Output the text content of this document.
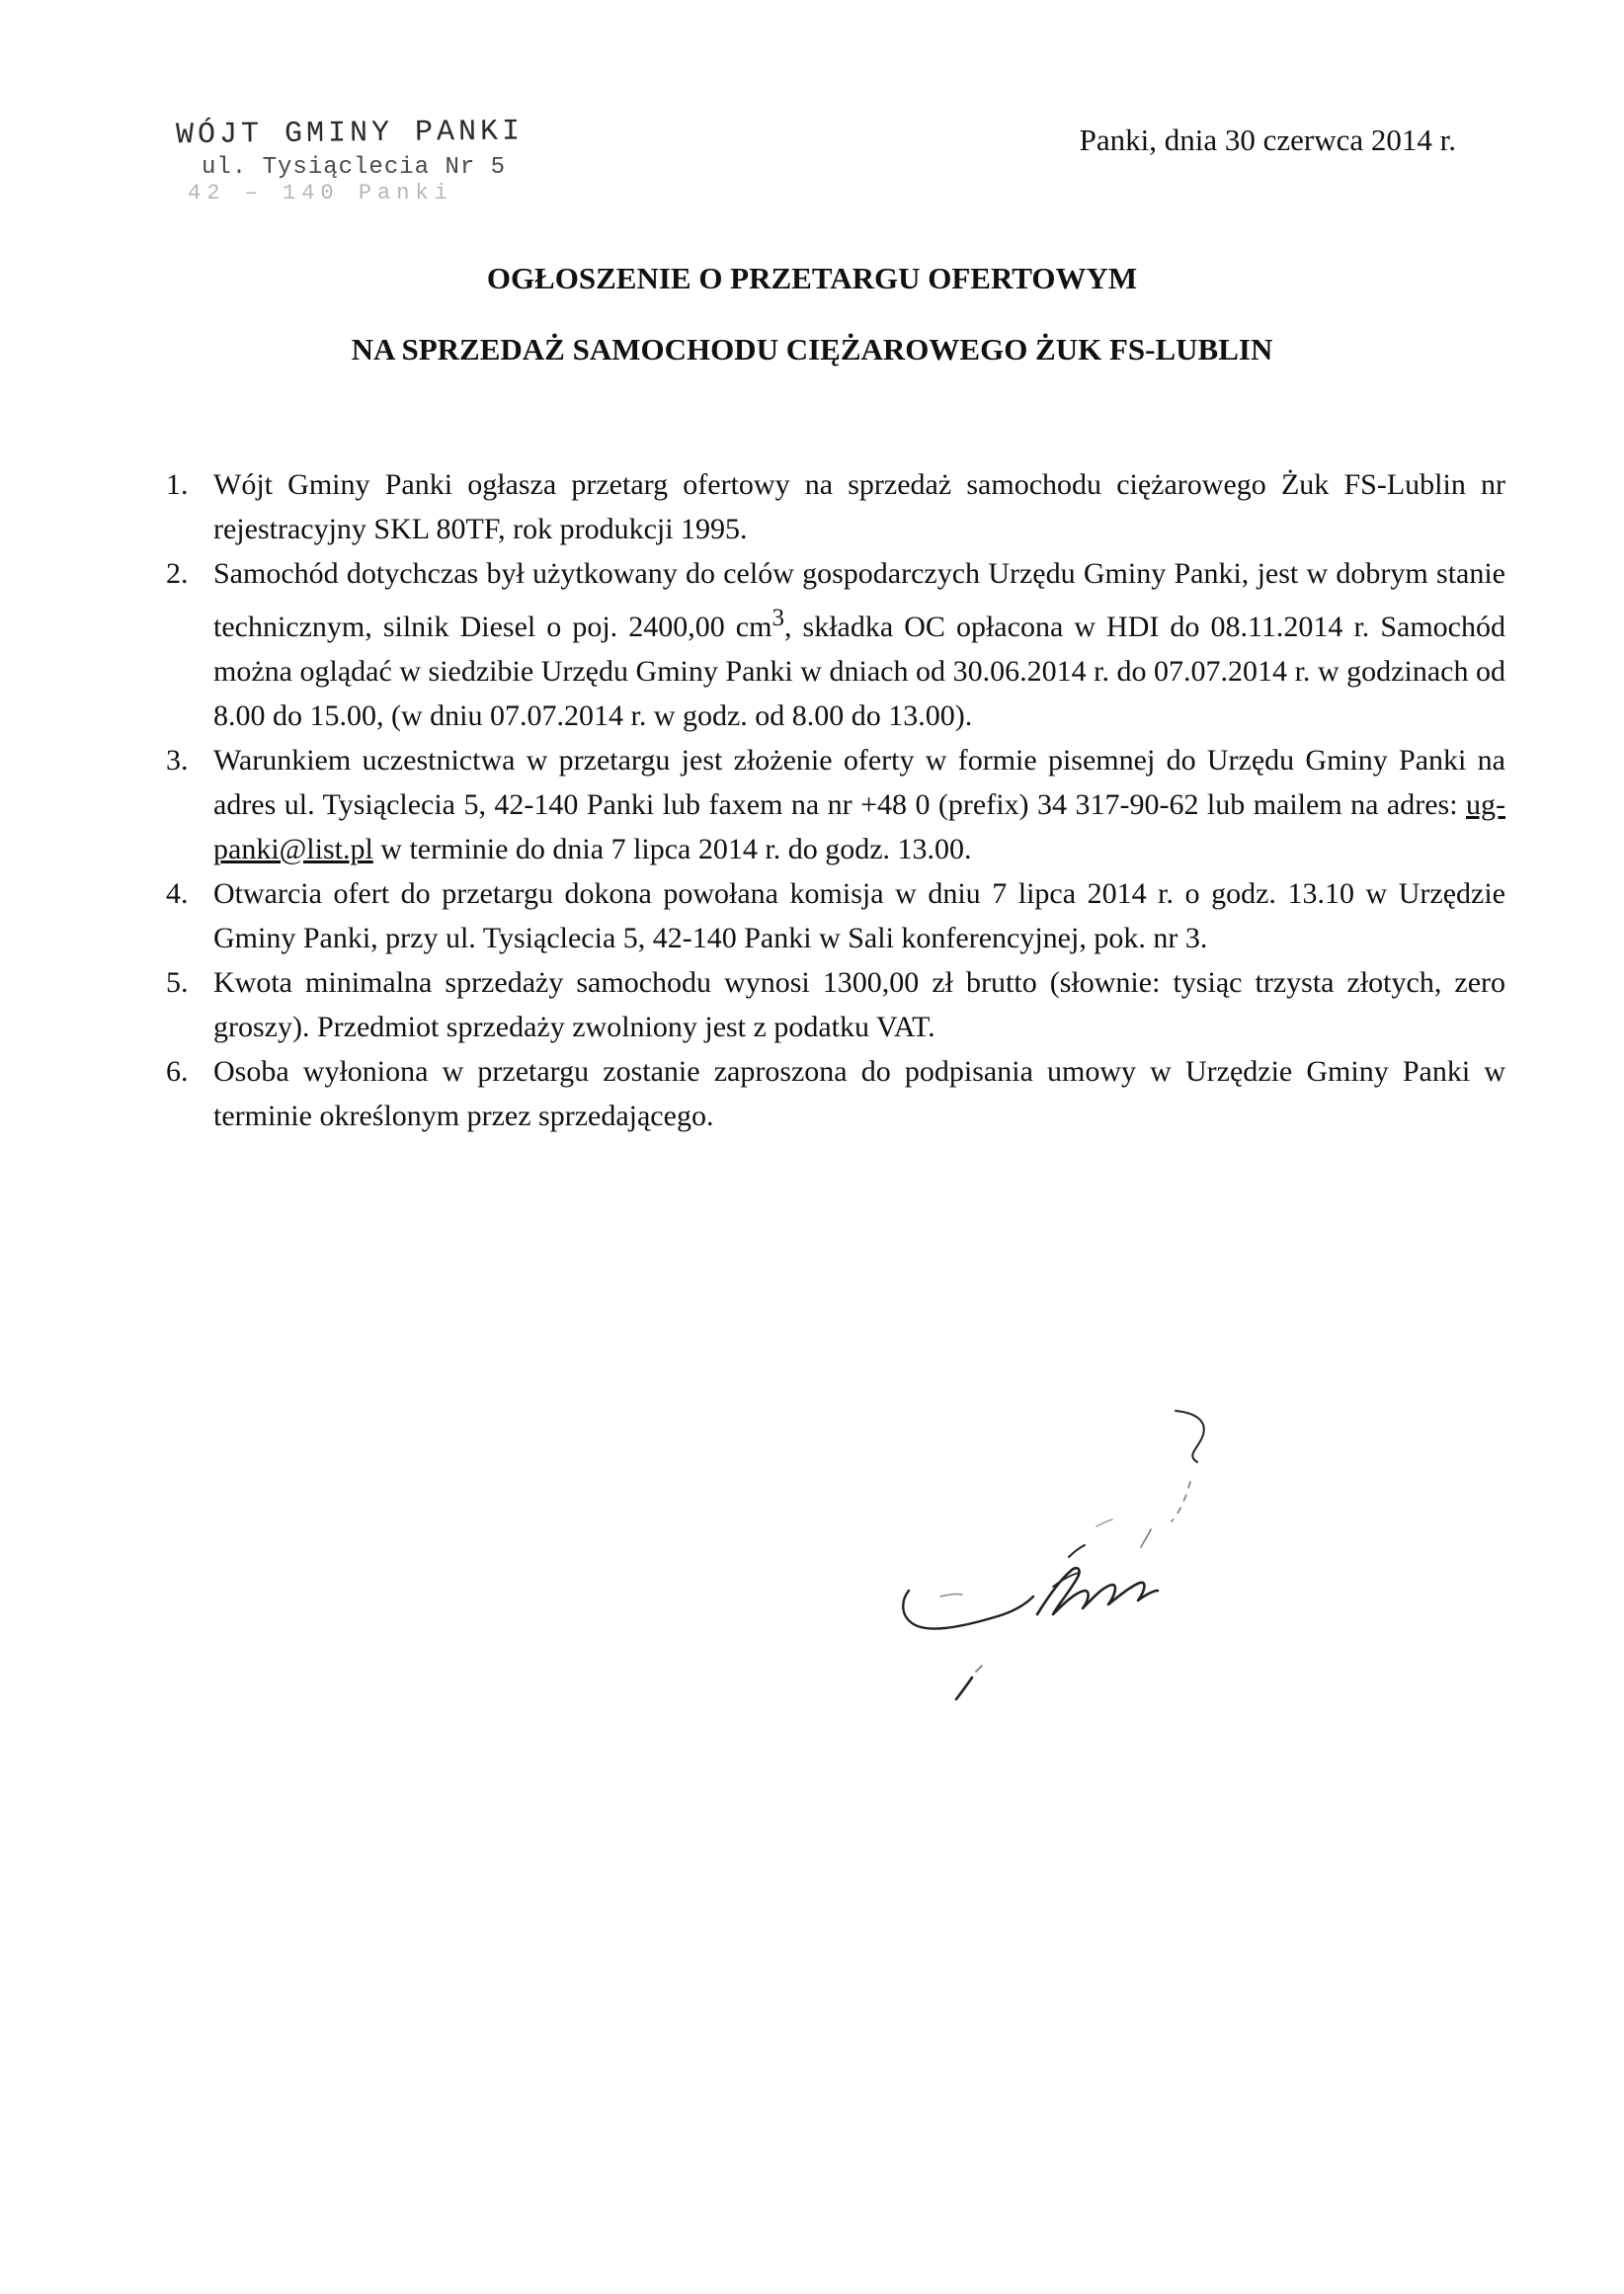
WÓJT GMINY PANKI
ul. Tysiąclecia Nr 5
42 – 140 Panki
Panki, dnia 30 czerwca 2014 r.
OGŁOSZENIE O PRZETARGU OFERTOWYM
NA SPRZEDAŻ SAMOCHODU CIĘŻAROWEGO ŻUK FS-LUBLIN
1. Wójt Gminy Panki ogłasza przetarg ofertowy na sprzedaż samochodu ciężarowego Żuk FS-Lublin nr rejestracyjny SKL 80TF, rok produkcji 1995.
2. Samochód dotychczas był użytkowany do celów gospodarczych Urzędu Gminy Panki, jest w dobrym stanie technicznym, silnik Diesel o poj. 2400,00 $cm^3$, składka OC opłacona w HDI do 08.11.2014 r. Samochód można oglądać w siedzibie Urzędu Gminy Panki w dniach od 30.06.2014 r. do 07.07.2014 r. w godzinach od 8.00 do 15.00, (w dniu 07.07.2014 r. w godz. od 8.00 do 13.00).
3. Warunkiem uczestnictwa w przetargu jest złożenie oferty w formie pisemnej do Urzędu Gminy Panki na adres ul. Tysiąclecia 5, 42-140 Panki lub faxem na nr +48 0 (prefix) 34 317-90-62 lub mailem na adres: ug-panki@list.pl w terminie do dnia 7 lipca 2014 r. do godz. 13.00.
4. Otwarcia ofert do przetargu dokona powołana komisja w dniu 7 lipca 2014 r. o godz. 13.10 w Urzędzie Gminy Panki, przy ul. Tysiąclecia 5, 42-140 Panki w Sali konferencyjnej, pok. nr 3.
5. Kwota minimalna sprzedaży samochodu wynosi 1300,00 zł brutto (słownie: tysiąc trzysta złotych, zero groszy). Przedmiot sprzedaży zwolniony jest z podatku VAT.
6. Osoba wyłoniona w przetargu zostanie zaproszona do podpisania umowy w Urzędzie Gminy Panki w terminie określonym przez sprzedającego.
